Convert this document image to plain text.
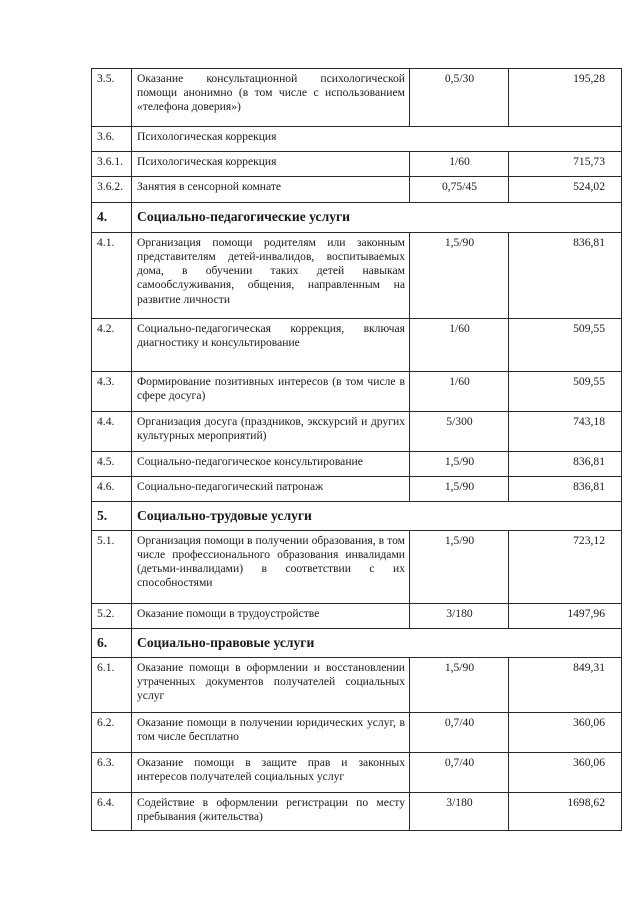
3.5.	Оказание консультационной психологической помощи анонимно (в том числе с использованием «телефона доверия»)	0,5/30	195,28
3.6.	Психологическая коррекция		
3.6.1.	Психологическая коррекция	1/60	715,73
3.6.2.	Занятия в сенсорной комнате	0,75/45	524,02
4.	Социально-педагогические услуги		
4.1.	Организация помощи родителям или законным представителям детей-инвалидов, воспитываемых дома, в обучении таких детей навыкам самообслуживания, общения, направленным на развитие личности	1,5/90	836,81
4.2.	Социально-педагогическая коррекция, включая диагностику и консультирование	1/60	509,55
4.3.	Формирование позитивных интересов (в том числе в сфере досуга)	1/60	509,55
4.4.	Организация досуга (праздников, экскурсий и других культурных мероприятий)	5/300	743,18
4.5.	Социально-педагогическое консультирование	1,5/90	836,81
4.6.	Социально-педагогический патронаж	1,5/90	836,81
5.	Социально-трудовые услуги		
5.1.	Организация помощи в получении образования, в том числе профессионального образования инвалидами (детьми-инвалидами) в соответствии с их способностями	1,5/90	723,12
5.2.	Оказание помощи в трудоустройстве	3/180	1497,96
6.	Социально-правовые услуги		
6.1.	Оказание помощи в оформлении и восстановлении утраченных документов получателей социальных услуг	1,5/90	849,31
6.2.	Оказание помощи в получении юридических услуг, в том числе бесплатно	0,7/40	360,06
6.3.	Оказание помощи в защите прав и законных интересов получателей социальных услуг	0,7/40	360,06
6.4.	Содействие в оформлении регистрации по месту пребывания (жительства)	3/180	1698,62
